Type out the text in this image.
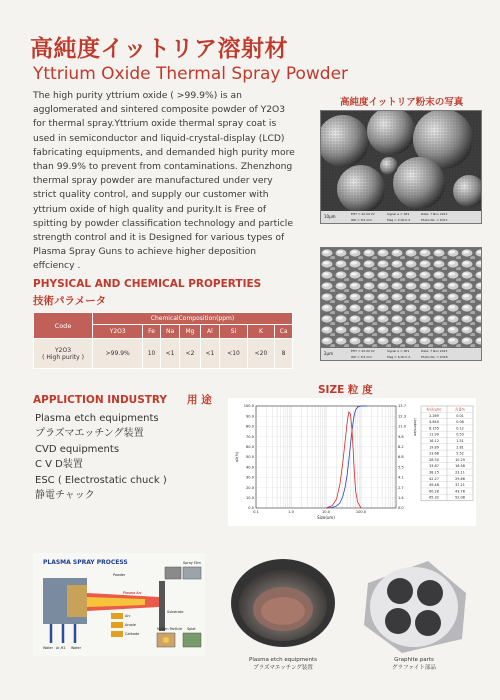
高純度イットリア溶射材
Yttrium Oxide Thermal Spray Powder
The high purity yttrium oxide ( >99.9%) is an agglomerated and sintered composite powder of Y2O3 for thermal spray.Yttrium oxide thermal spray coat is used in semiconductor and liquid-crystal-display (LCD) fabricating equipments, and demanded high purity more than 99.9% to prevent from contaminations. Zhenzhong thermal spray powder are manufactured under very strict quality control, and supply our customer with yttrium oxide of high quality and purity.It is Free of spitting by powder classification technology and particle strength control and it is Designed for various types of Plasma Spray Guns to achieve higher deposition effciency .
高純度イットリア粉末の写真
10μm	EHT = 20.00 kV
WD = 8.5 mm
Signal A = SE1
Mag = 2.00 K X
Date: 7 Nov 2013
Photo No. = 6317
2μm	EHT = 20.00 kV
WD = 8.5 mm
Signal A = SE1
Mag = 6.00 K X
Date: 7 Nov 2013
Photo No. = 6318
PHYSICAL AND CHEMICAL PROPERTIES
技術パラメータ
Code	ChemicalComposition(ppm)							
	Y2O3	Fe	Na	Mg	Al	Si	K	Ca
Y2O3
( High purity )	>99.9%	10	<1	<2	<1	<10	<20	8
APPLICTION INDUSTRY 用 途
Plasma etch equipments
プラズマエッチング装置
CVD equipments
C V D装置
ESC ( Electrostatic chuck )
静電チャック
SIZE 粒 度
100.0
90.0
80.0
70.0
60.0
50.0
40.0
30.0
20.0
10.0
0.0
13.7
12.3
11.0
9.6
8.2
6.8
5.5
4.1
2.7
1.4
0.0
0.1	1.0	10.0	100.0
Size(um)
q3(%)
Undersize
粒径(µm)	含量%
2.269	0.01
4.640	0.06
8.155	0.12
11.99	0.53
16.12	1.51
19.89	2.81
23.68	5.52
28.50	10.29
33.87	16.58
38.15	23.11
42.27	29.86
49.48	37.21
60.28	43.78
65.32	52.08
PLASMA SPRAY PROCESS
Powder
Spray Film
Plasma Arc
Substrate
Arc
Anode
Cathode
Molten Particle Splat
Water Ar,H2 Water
Plasma etch equipments
プラズマエッチング装置
Graphite parts
グラファイト部品
